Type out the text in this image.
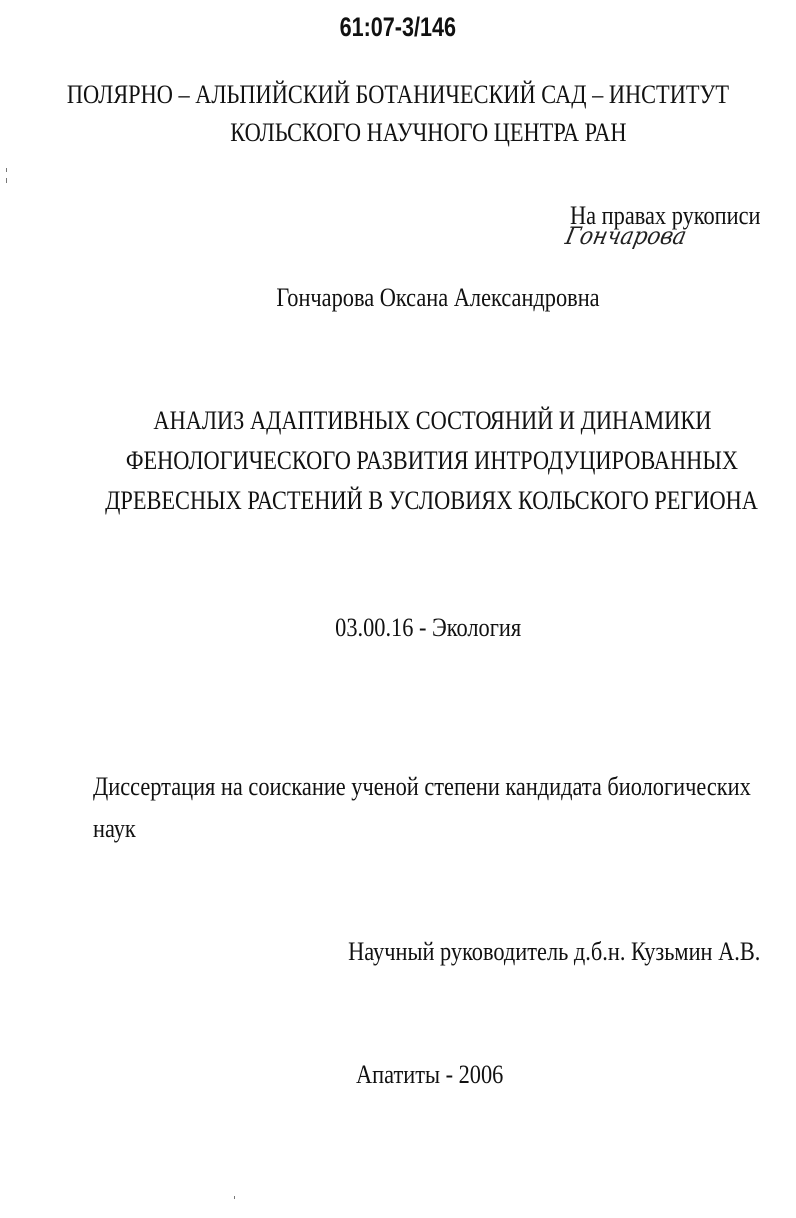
61:07-3/146
ПОЛЯРНО – АЛЬПИЙСКИЙ БОТАНИЧЕСКИЙ САД – ИНСТИТУТ
КОЛЬСКОГО НАУЧНОГО ЦЕНТРА РАН
На правах рукописи
Гончарова
Гончарова Оксана Александровна
АНАЛИЗ АДАПТИВНЫХ СОСТОЯНИЙ И ДИНАМИКИ
ФЕНОЛОГИЧЕСКОГО РАЗВИТИЯ ИНТРОДУЦИРОВАННЫХ
ДРЕВЕСНЫХ РАСТЕНИЙ В УСЛОВИЯХ КОЛЬСКОГО РЕГИОНА
03.00.16 - Экология
Диссертация на соискание ученой степени кандидата биологических
наук
Научный руководитель д.б.н. Кузьмин А.В.
Апатиты - 2006
